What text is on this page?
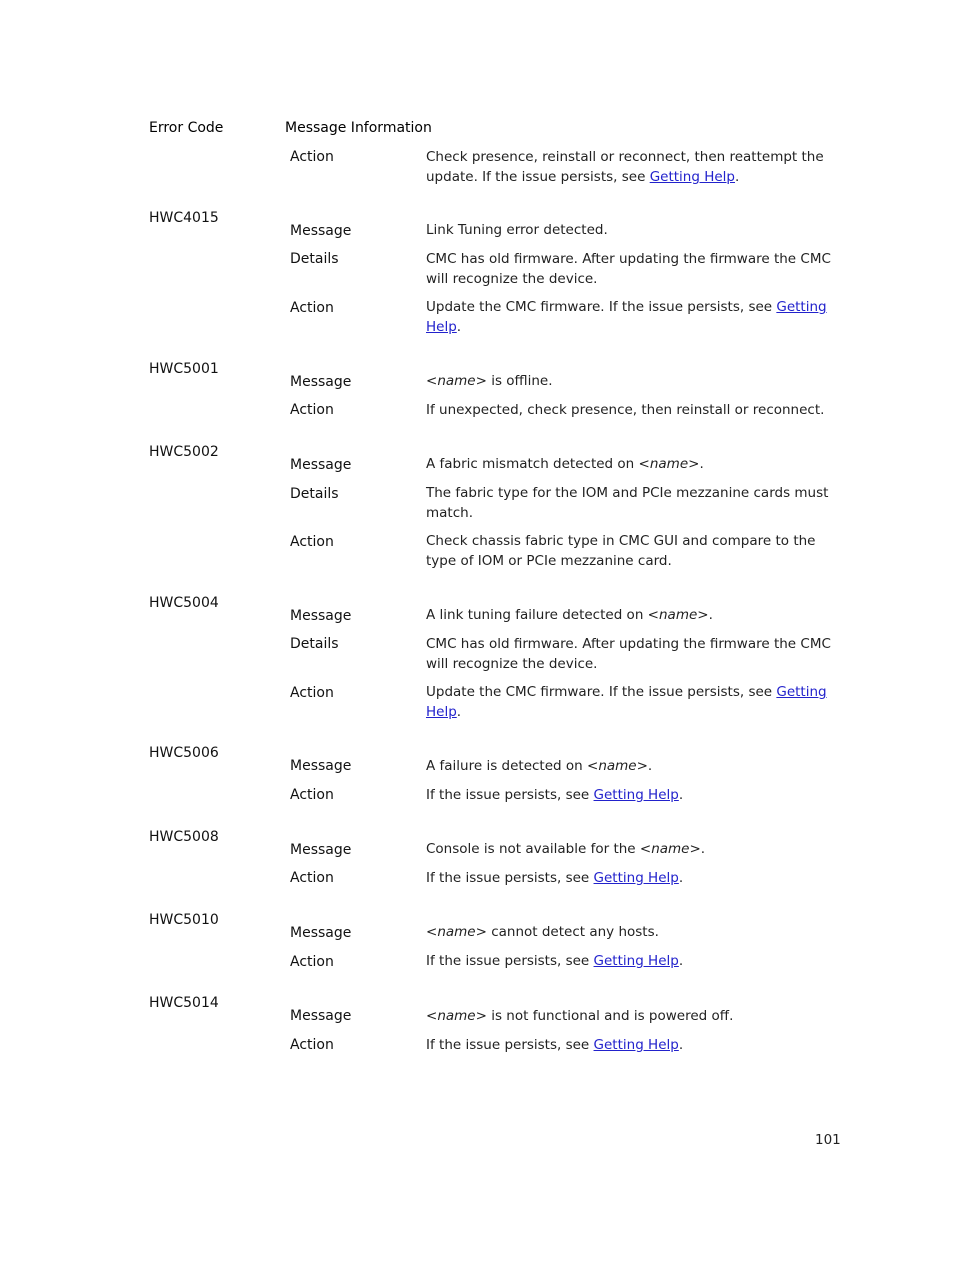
Error Code	Message Information
Action	Check presence, reinstall or reconnect, then reattempt the update. If the issue persists, see Getting Help.
HWC4015
Message	Link Tuning error detected.
Details	CMC has old firmware. After updating the firmware the CMC will recognize the device.
Action	Update the CMC firmware. If the issue persists, see Getting
Help.
HWC5001
Message	<name> is offline.
Action	If unexpected, check presence, then reinstall or reconnect.
HWC5002
Message	A fabric mismatch detected on <name>.
Details	The fabric type for the IOM and PCIe mezzanine cards must match.
Action	Check chassis fabric type in CMC GUI and compare to the type of IOM or PCIe mezzanine card.
HWC5004
Message	A link tuning failure detected on <name>.
Details	CMC has old firmware. After updating the firmware the CMC will recognize the device.
Action	Update the CMC firmware. If the issue persists, see Getting
Help.
HWC5006
Message	A failure is detected on <name>.
Action	If the issue persists, see Getting Help.
HWC5008
Message	Console is not available for the <name>.
Action	If the issue persists, see Getting Help.
HWC5010
Message	<name> cannot detect any hosts.
Action	If the issue persists, see Getting Help.
HWC5014
Message	<name> is not functional and is powered off.
Action	If the issue persists, see Getting Help.
101
